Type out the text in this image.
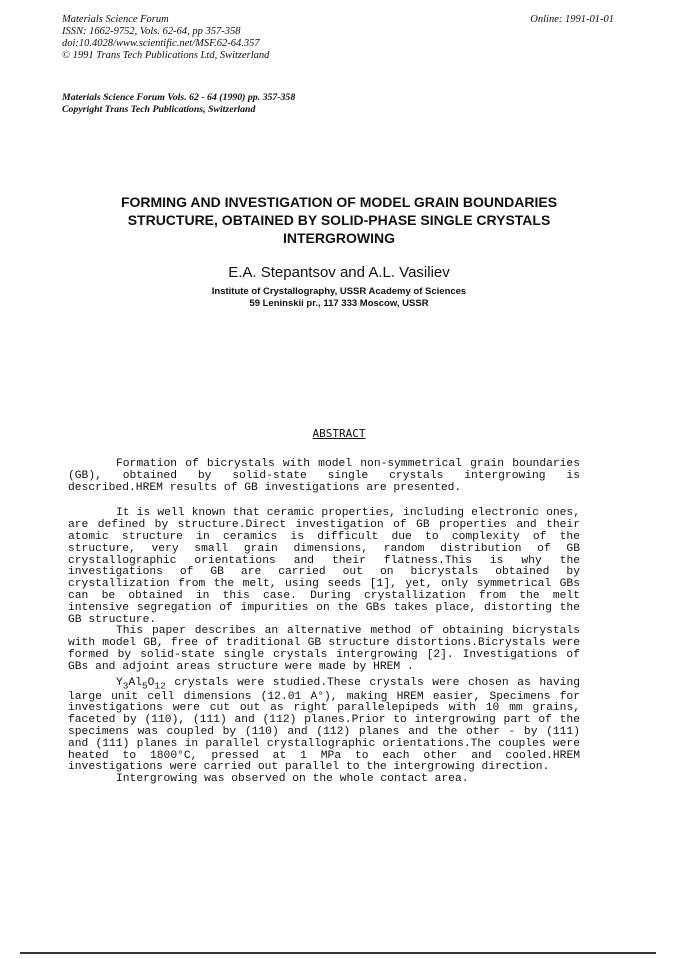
Materials Science Forum
ISSN: 1662-9752, Vols. 62-64, pp 357-358
doi:10.4028/www.scientific.net/MSF.62-64.357
© 1991 Trans Tech Publications Ltd, Switzerland
Online: 1991-01-01
Materials Science Forum Vols. 62 - 64 (1990) pp. 357-358
Copyright Trans Tech Publications, Switzerland
FORMING AND INVESTIGATION OF MODEL GRAIN BOUNDARIES
STRUCTURE, OBTAINED BY SOLID-PHASE SINGLE CRYSTALS
INTERGROWING
E.A. Stepantsov and A.L. Vasiliev
Institute of Crystallography, USSR Academy of Sciences
59 Leninskii pr., 117 333 Moscow, USSR
ABSTRACT

Formation of bicrystals with model non-symmetrical grain boundaries (GB), obtained by solid-state single crystals intergrowing is described.HREM results of GB investigations are presented.

It is well known that ceramic properties, including electronic ones, are defined by structure.Direct investigation of GB properties and their atomic structure in ceramics is difficult due to complexity of the structure, very small grain dimensions, random distribution of GB crystallographic orientations and their flatness.This is why the investigations of GB are carried out on bicrystals obtained by crystallization from the melt, using seeds [1], yet, only symmetrical GBs can be obtained in this case. During crystallization from the melt intensive segregation of impurities on the GBs takes place, distorting the GB structure.

This paper describes an alternative method of obtaining bicrystals with model GB, free of traditional GB structure distortions.Bicrystals were formed by solid-state single crystals intergrowing [2]. Investigations of GBs and adjoint areas structure were made by HREM .

$Y_3Al_5O_{12}$ crystals were studied.These crystals were chosen as having large unit cell dimensions (12.01 A°), making HREM easier, Specimens for investigations were cut out as right parallelepipeds with 10 mm grains, faceted by (110), (111) and (112) planes.Prior to intergrowing part of the specimens was coupled by (110) and (112) planes and the other - by (111) and (111) planes in parallel crystallographic orientations.The couples were heated to 1800°C, pressed at 1 MPa to each other and cooled.HREM investigations were carried out parallel to the intergrowing direction.

Intergrowing was observed on the whole contact area.
